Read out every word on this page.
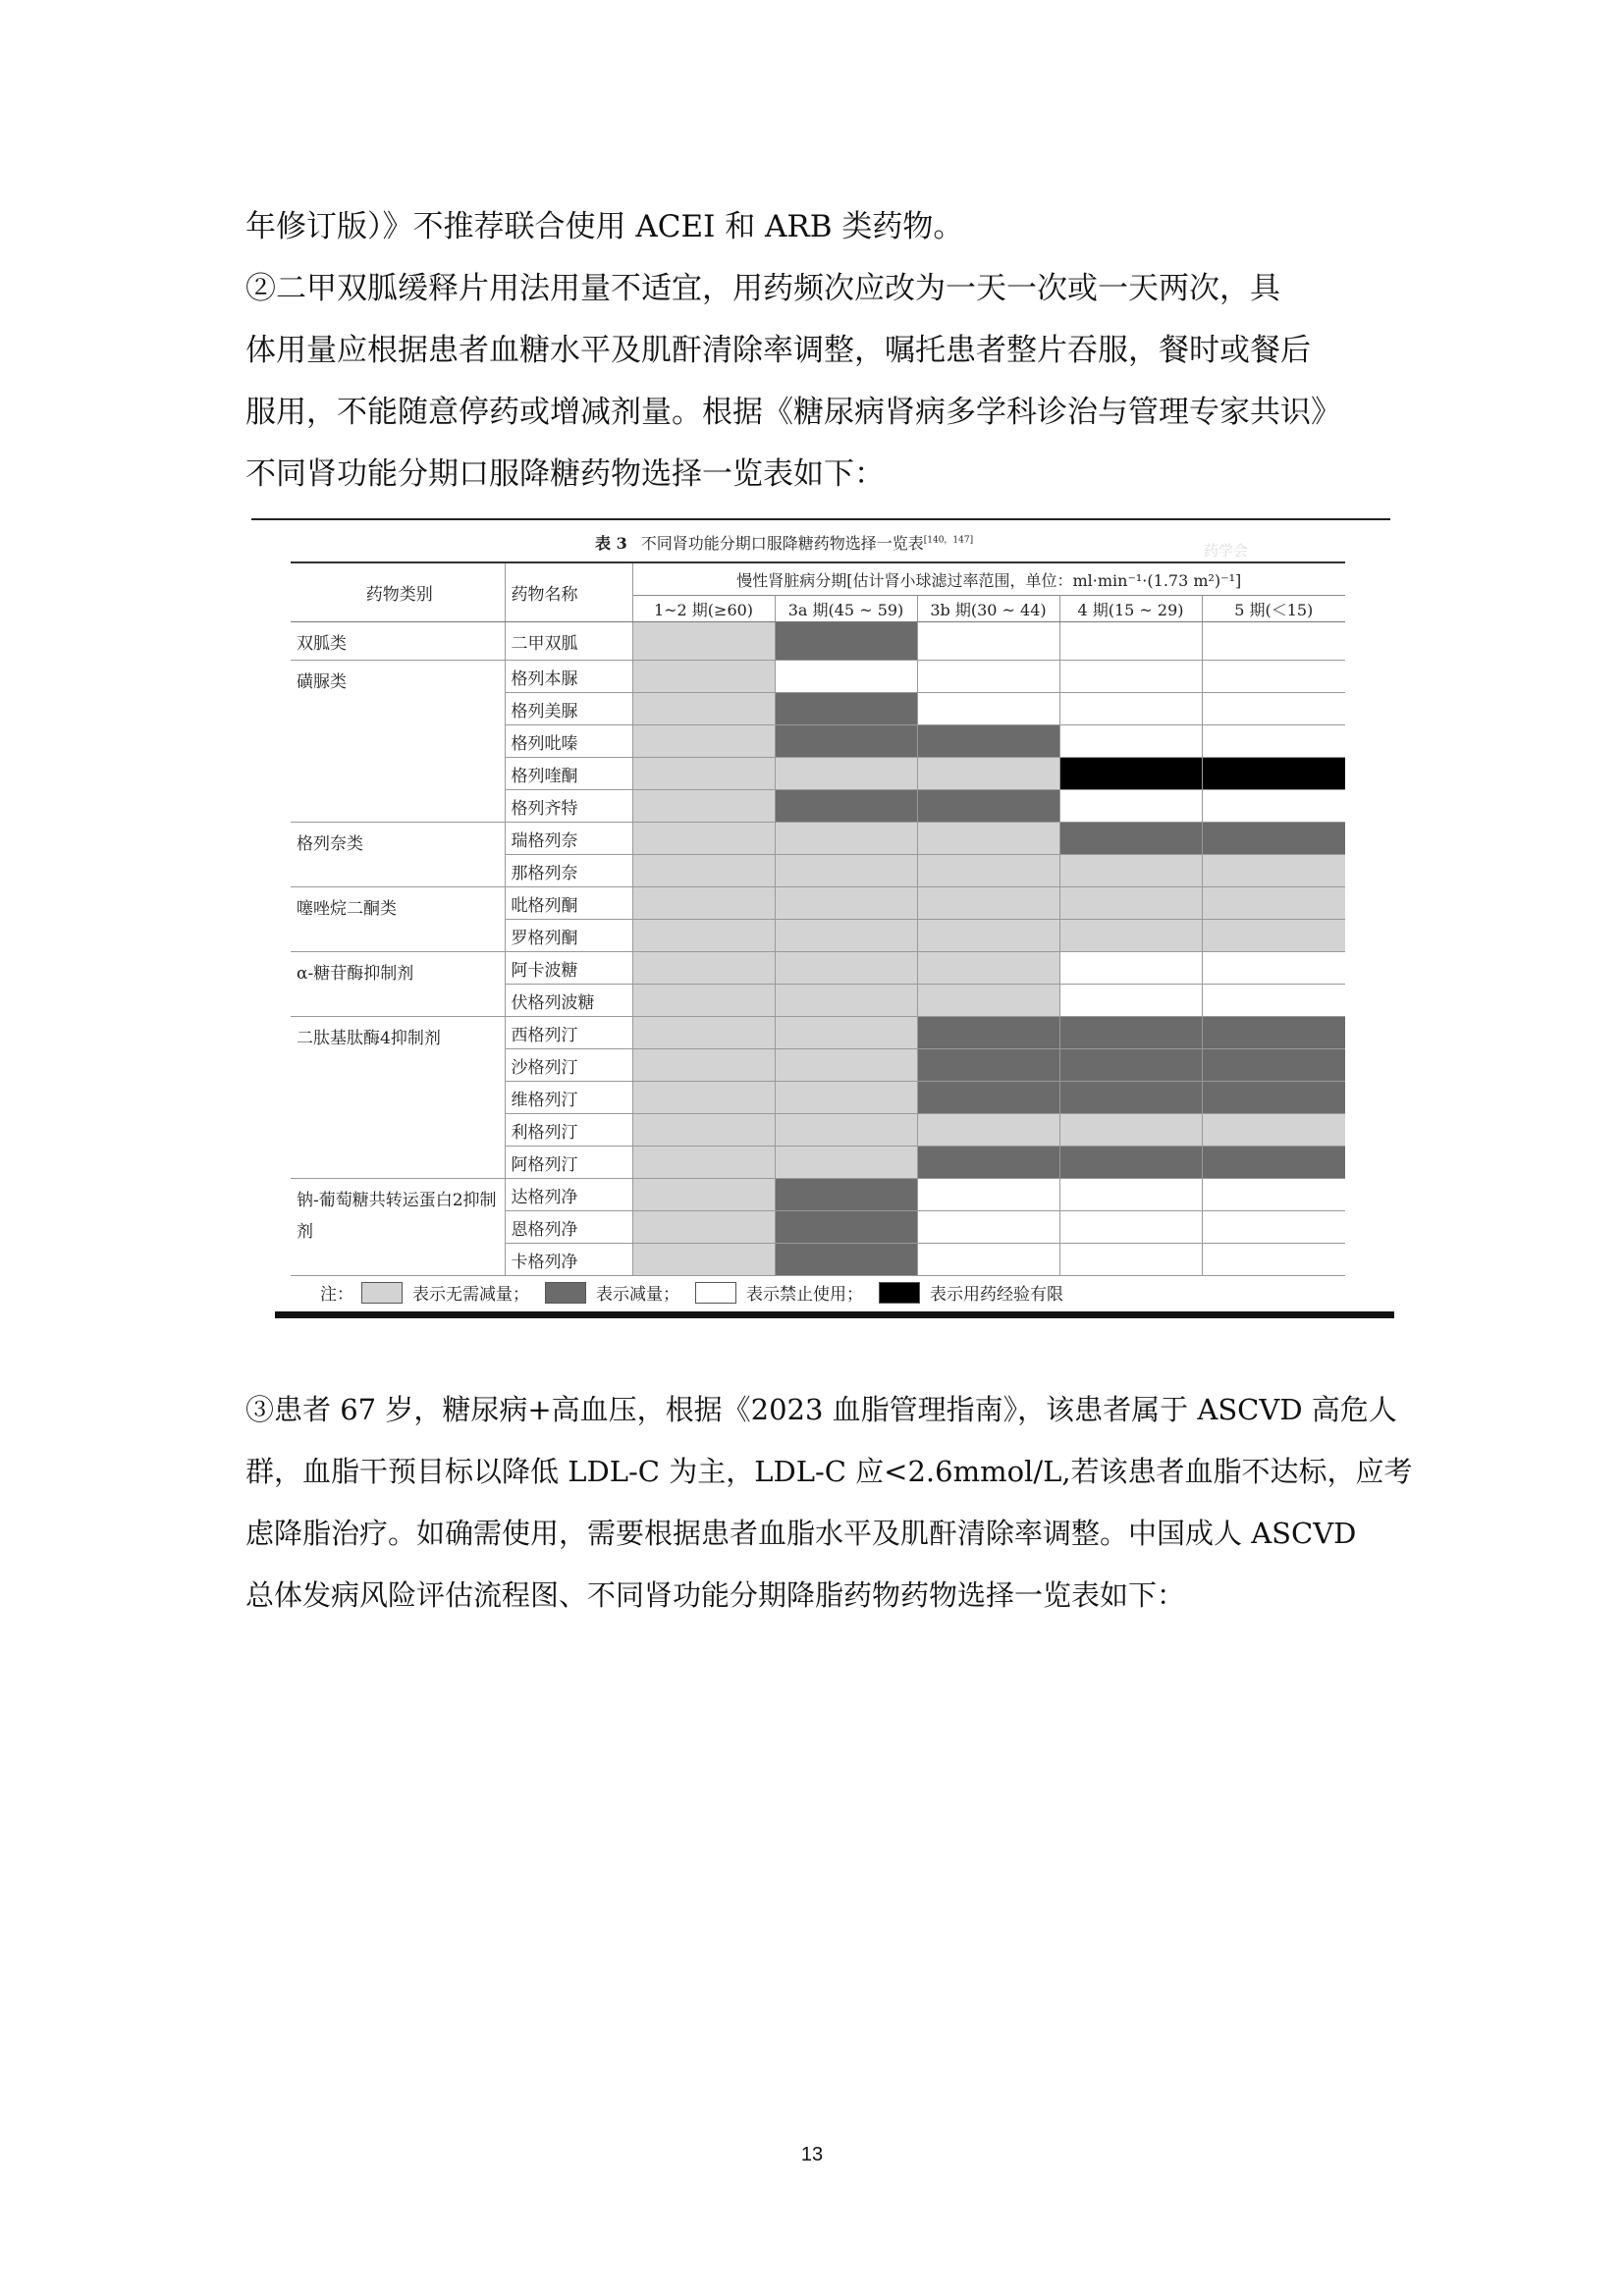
年修订版）》不推荐联合使用 ACEI 和 ARB 类药物。
②二甲双胍缓释片用法用量不适宜，用药频次应改为一天一次或一天两次，具
体用量应根据患者血糖水平及肌酐清除率调整，嘱托患者整片吞服，餐时或餐后
服用，不能随意停药或增减剂量。根据《糖尿病肾病多学科诊治与管理专家共识》
不同肾功能分期口服降糖药物选择一览表如下：
表 3 不同肾功能分期口服降糖药物选择一览表[140，147]
药学会
药物类别	药物名称	慢性肾脏病分期[估计肾小球滤过率范围，单位：ml·min⁻¹·(1.73 m²)⁻¹]				
		1~2 期(≥60)	3a 期(45 ~ 59)	3b 期(30 ~ 44)	4 期(15 ~ 29)	5 期(＜15)
双胍类	二甲双胍					
磺脲类	格列本脲					
	格列美脲					
	格列吡嗪					
	格列喹酮					
	格列齐特					
格列奈类	瑞格列奈					
	那格列奈					
噻唑烷二酮类	吡格列酮					
	罗格列酮					
α-糖苷酶抑制剂	阿卡波糖					
	伏格列波糖					
二肽基肽酶4抑制剂	西格列汀					
	沙格列汀					
	维格列汀					
	利格列汀					
	阿格列汀					
钠-葡萄糖共转运蛋白2抑制剂	达格列净					
	恩格列净					
	卡格列净					
注：	表示无需减量；	表示减量；	表示禁止使用；	表示用药经验有限
③患者 67 岁，糖尿病+高血压，根据《2023 血脂管理指南》，该患者属于 ASCVD 高危人
群，血脂干预目标以降低 LDL-C 为主，LDL-C 应<2.6mmol/L,若该患者血脂不达标，应考
虑降脂治疗。如确需使用，需要根据患者血脂水平及肌酐清除率调整。中国成人 ASCVD
总体发病风险评估流程图、不同肾功能分期降脂药物药物选择一览表如下：
13
